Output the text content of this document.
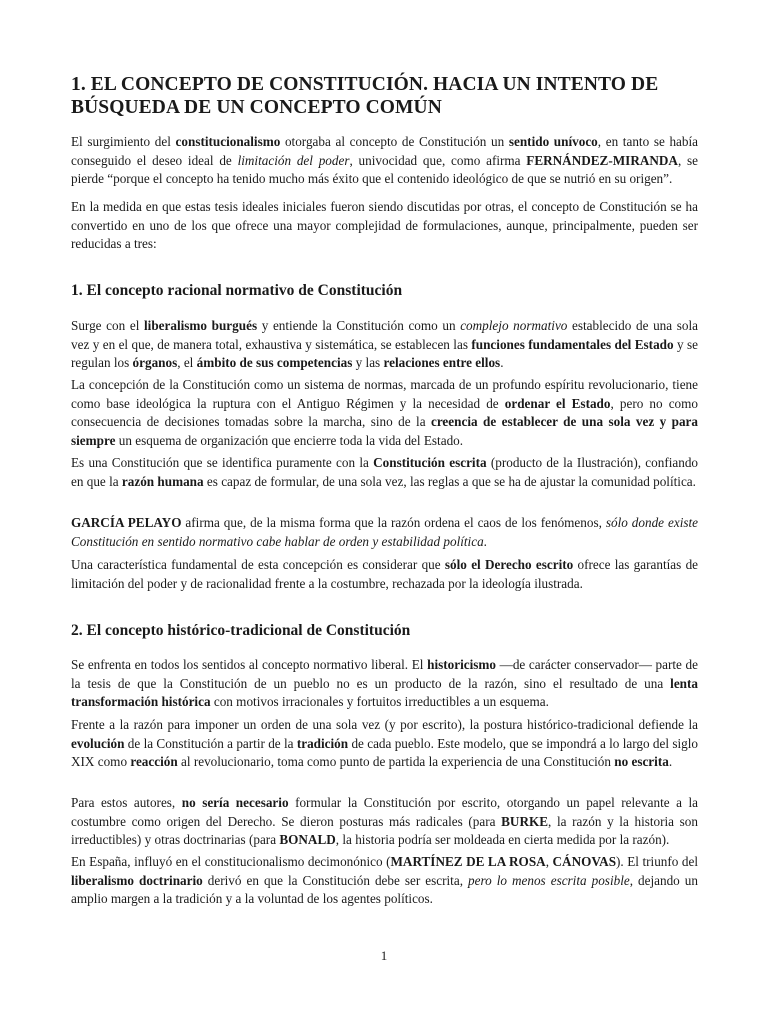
1. EL CONCEPTO DE CONSTITUCIÓN. HACIA UN INTENTO DE BÚSQUEDA DE UN CONCEPTO COMÚN

El surgimiento del constitucionalismo otorgaba al concepto de Constitución un sentido unívoco, en tanto se había conseguido el deseo ideal de limitación del poder, univocidad que, como afirma FERNÁNDEZ-MIRANDA, se pierde “porque el concepto ha tenido mucho más éxito que el contenido ideológico de que se nutrió en su origen”.

En la medida en que estas tesis ideales iniciales fueron siendo discutidas por otras, el concepto de Constitución se ha convertido en uno de los que ofrece una mayor complejidad de formulaciones, aunque, principalmente, pueden ser reducidas a tres:

1. El concepto racional normativo de Constitución

Surge con el liberalismo burgués y entiende la Constitución como un complejo normativo establecido de una sola vez y en el que, de manera total, exhaustiva y sistemática, se establecen las funciones fundamentales del Estado y se regulan los órganos, el ámbito de sus competencias y las relaciones entre ellos.

La concepción de la Constitución como un sistema de normas, marcada de un profundo espíritu revolucionario, tiene como base ideológica la ruptura con el Antiguo Régimen y la necesidad de ordenar el Estado, pero no como consecuencia de decisiones tomadas sobre la marcha, sino de la creencia de establecer de una sola vez y para siempre un esquema de organización que encierre toda la vida del Estado.

Es una Constitución que se identifica puramente con la Constitución escrita (producto de la Ilustración), confiando en que la razón humana es capaz de formular, de una sola vez, las reglas a que se ha de ajustar la comunidad política.

GARCÍA PELAYO afirma que, de la misma forma que la razón ordena el caos de los fenómenos, sólo donde existe Constitución en sentido normativo cabe hablar de orden y estabilidad política.

Una característica fundamental de esta concepción es considerar que sólo el Derecho escrito ofrece las garantías de limitación del poder y de racionalidad frente a la costumbre, rechazada por la ideología ilustrada.

2. El concepto histórico-tradicional de Constitución

Se enfrenta en todos los sentidos al concepto normativo liberal. El historicismo —de carácter conservador— parte de la tesis de que la Constitución de un pueblo no es un producto de la razón, sino el resultado de una lenta transformación histórica con motivos irracionales y fortuitos irreductibles a un esquema.

Frente a la razón para imponer un orden de una sola vez (y por escrito), la postura histórico-tradicional defiende la evolución de la Constitución a partir de la tradición de cada pueblo. Este modelo, que se impondrá a lo largo del siglo XIX como reacción al revolucionario, toma como punto de partida la experiencia de una Constitución no escrita.

Para estos autores, no sería necesario formular la Constitución por escrito, otorgando un papel relevante a la costumbre como origen del Derecho. Se dieron posturas más radicales (para BURKE, la razón y la historia son irreductibles) y otras doctrinarias (para BONALD, la historia podría ser moldeada en cierta medida por la razón).

En España, influyó en el constitucionalismo decimonónico (MARTÍNEZ DE LA ROSA, CÁNOVAS). El triunfo del liberalismo doctrinario derivó en que la Constitución debe ser escrita, pero lo menos escrita posible, dejando un amplio margen a la tradición y a la voluntad de los agentes políticos.

1
